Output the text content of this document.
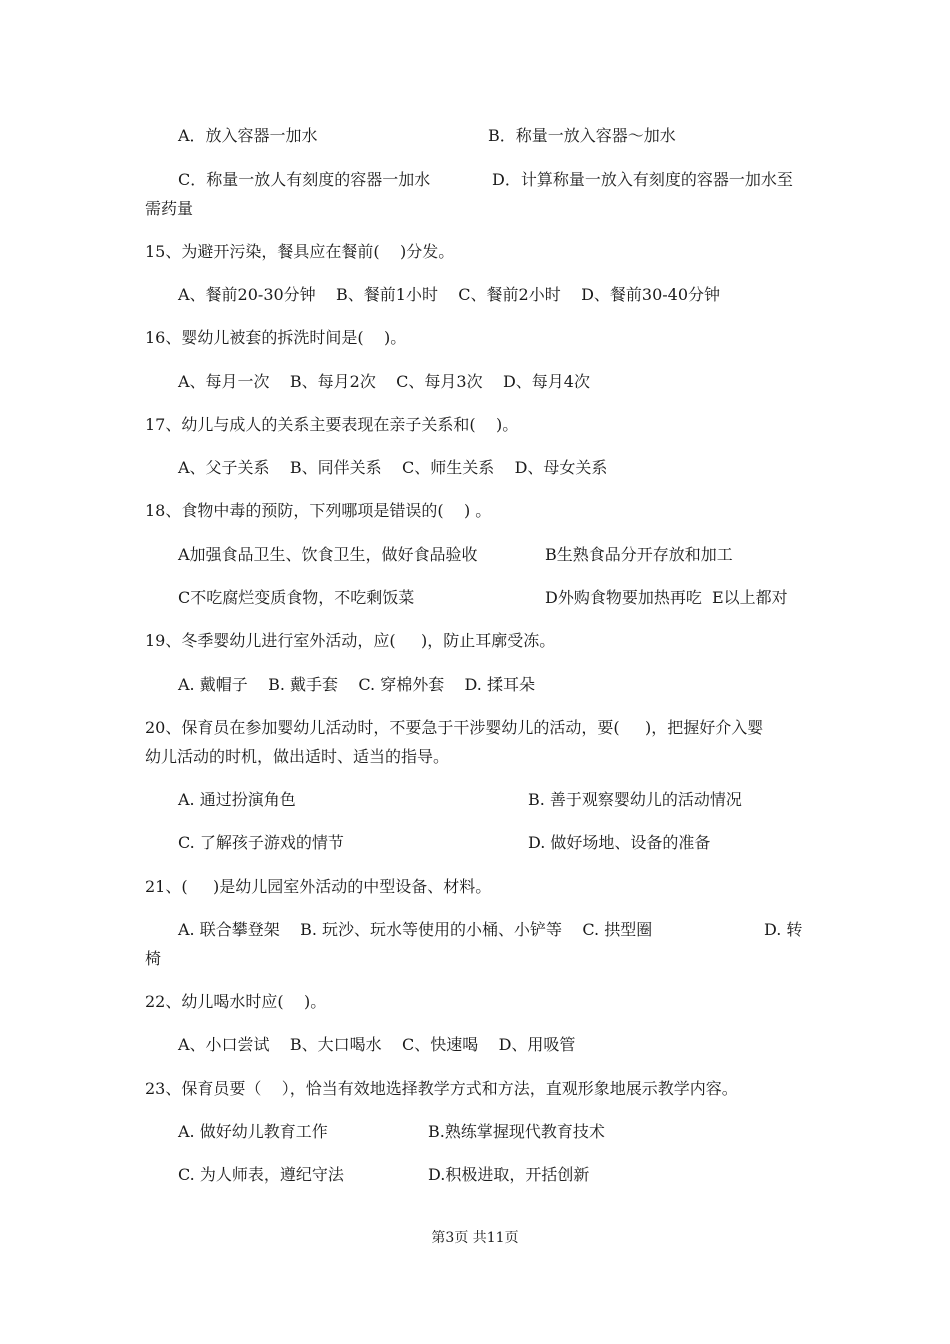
A．放入容器一加水	B．称量一放入容器～加水
C．称量一放人有刻度的容器一加水	D．计算称量一放入有刻度的容器一加水至
需药量
15、为避开污染，餐具应在餐前(    )分发。
A、餐前20-30分钟    B、餐前1小时    C、餐前2小时    D、餐前30-40分钟
16、婴幼儿被套的拆洗时间是(    )。
A、每月一次    B、每月2次    C、每月3次    D、每月4次
17、幼儿与成人的关系主要表现在亲子关系和(    )。
A、父子关系    B、同伴关系    C、师生关系    D、母女关系
18、食物中毒的预防，下列哪项是错误的(    ) 。
A加强食品卫生、饮食卫生，做好食品验收	B生熟食品分开存放和加工
C不吃腐烂变质食物，不吃剩饭菜	D外购食物要加热再吃  E以上都对
19、冬季婴幼儿进行室外活动，应(     )，防止耳廓受冻。
A. 戴帽子    B. 戴手套    C. 穿棉外套    D. 揉耳朵
20、保育员在参加婴幼儿活动时，不要急于干涉婴幼儿的活动，要(     )，把握好介入婴
幼儿活动的时机，做出适时、适当的指导。
A. 通过扮演角色	B. 善于观察婴幼儿的活动情况
C. 了解孩子游戏的情节	D. 做好场地、设备的准备
21、(     )是幼儿园室外活动的中型设备、材料。
A. 联合攀登架    B. 玩沙、玩水等使用的小桶、小铲等    C. 拱型圈	D. 转
椅
22、幼儿喝水时应(    )。
A、小口尝试    B、大口喝水    C、快速喝    D、用吸管
23、保育员要（    ），恰当有效地选择教学方式和方法，直观形象地展示教学内容。
A. 做好幼儿教育工作	B.熟练掌握现代教育技术
C. 为人师表，遵纪守法	D.积极进取，开括创新
第3页 共11页
